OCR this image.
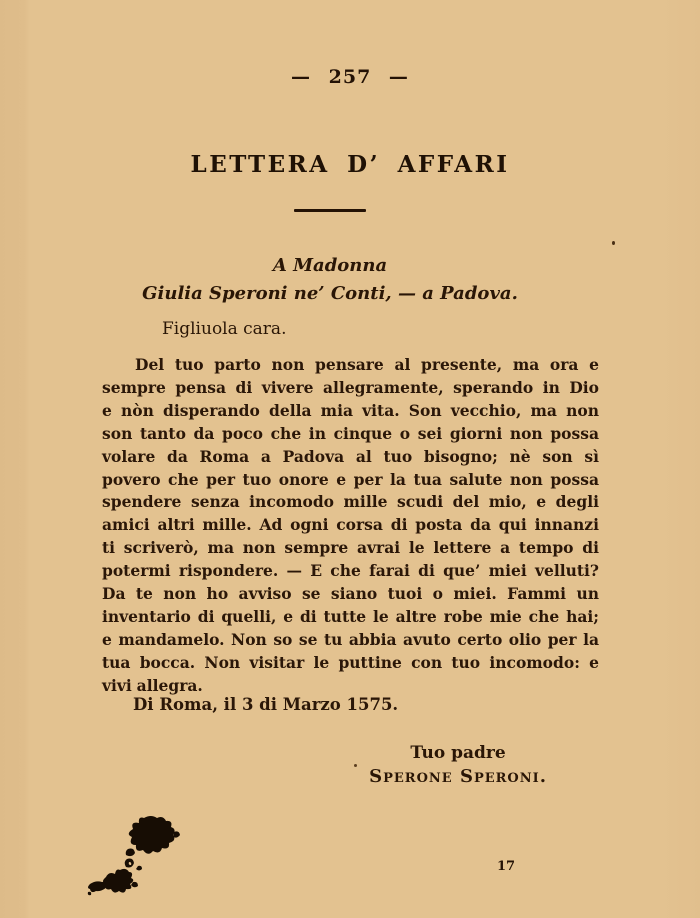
— 257 —
LETTERA D’ AFFARI
A Madonna
Giulia Speroni ne’ Conti, — a Padova.
Figliuola cara.
Del tuo parto non pensare al presente, ma ora e
sempre pensa di vivere allegramente, sperando in Dio
e nòn disperando della mia vita. Son vecchio, ma non
son tanto da poco che in cinque o sei giorni non possa
volare da Roma a Padova al tuo bisogno; nè son sì
povero che per tuo onore e per la tua salute non possa
spendere senza incomodo mille scudi del mio, e degli
amici altri mille. Ad ogni corsa di posta da qui innanzi
ti scriverò, ma non sempre avrai le lettere a tempo di
potermi rispondere. — E che farai di que’ miei velluti?
Da te non ho avviso se siano tuoi o miei. Fammi un
inventario di quelli, e di tutte le altre robe mie che hai;
e mandamelo. Non so se tu abbia avuto certo olio per la
tua bocca. Non visitar le puttine con tuo incomodo: e
vivi allegra.
Di Roma, il 3 di Marzo 1575.
Tuo padre
Sperone Speroni.
17
